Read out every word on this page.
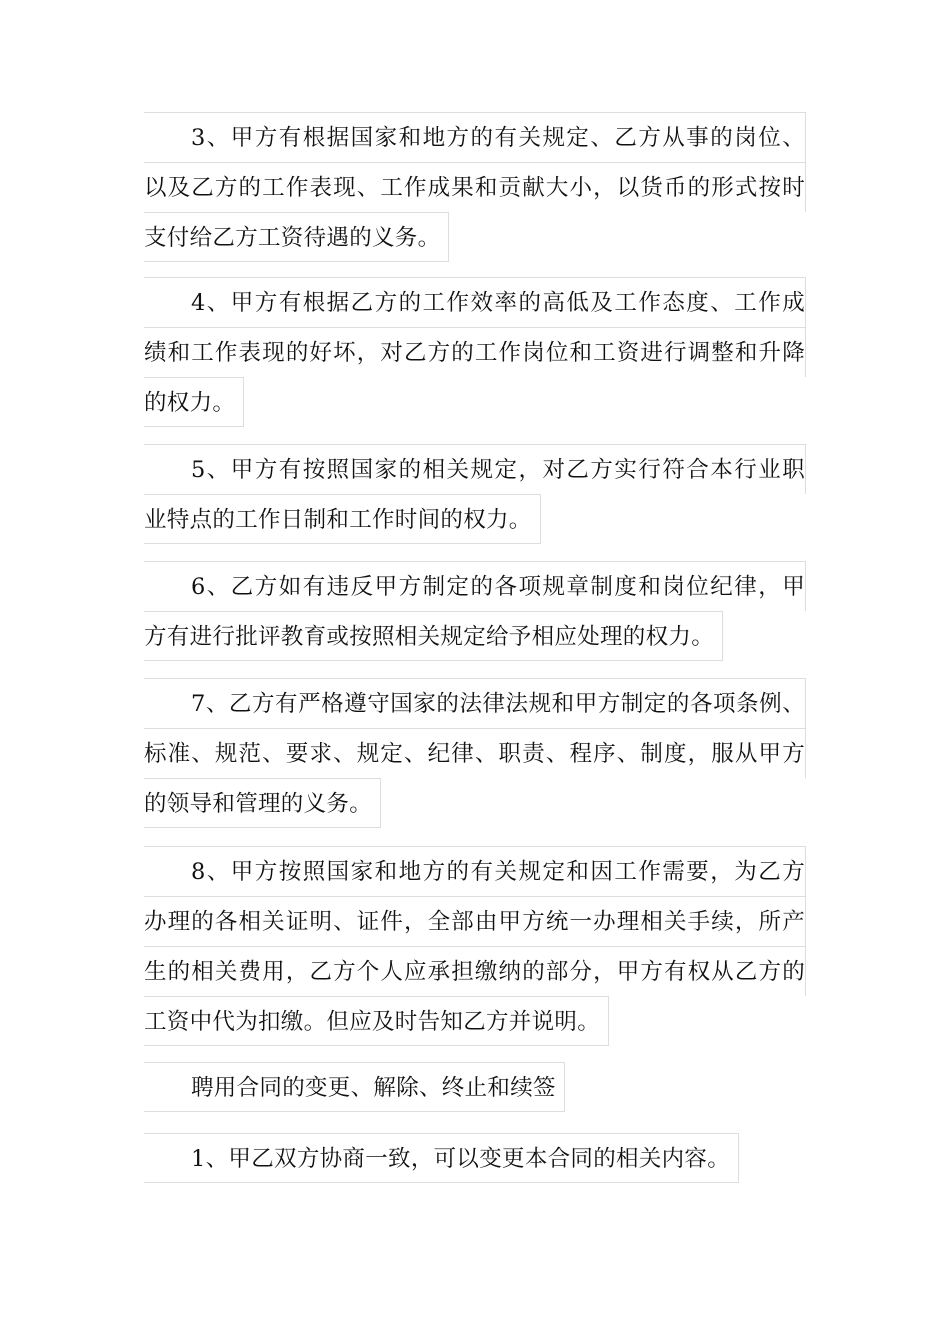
3、甲方有根据国家和地方的有关规定、乙方从事的岗位、
以及乙方的工作表现、工作成果和贡献大小，以货币的形式按时
支付给乙方工资待遇的义务。
4、甲方有根据乙方的工作效率的高低及工作态度、工作成
绩和工作表现的好坏，对乙方的工作岗位和工资进行调整和升降
的权力。
5、甲方有按照国家的相关规定，对乙方实行符合本行业职
业特点的工作日制和工作时间的权力。
6、乙方如有违反甲方制定的各项规章制度和岗位纪律，甲
方有进行批评教育或按照相关规定给予相应处理的权力。
7、乙方有严格遵守国家的法律法规和甲方制定的各项条例、
标准、规范、要求、规定、纪律、职责、程序、制度，服从甲方
的领导和管理的义务。
8、甲方按照国家和地方的有关规定和因工作需要，为乙方
办理的各相关证明、证件，全部由甲方统一办理相关手续，所产
生的相关费用，乙方个人应承担缴纳的部分，甲方有权从乙方的
工资中代为扣缴。但应及时告知乙方并说明。
聘用合同的变更、解除、终止和续签
1、甲乙双方协商一致，可以变更本合同的相关内容。
